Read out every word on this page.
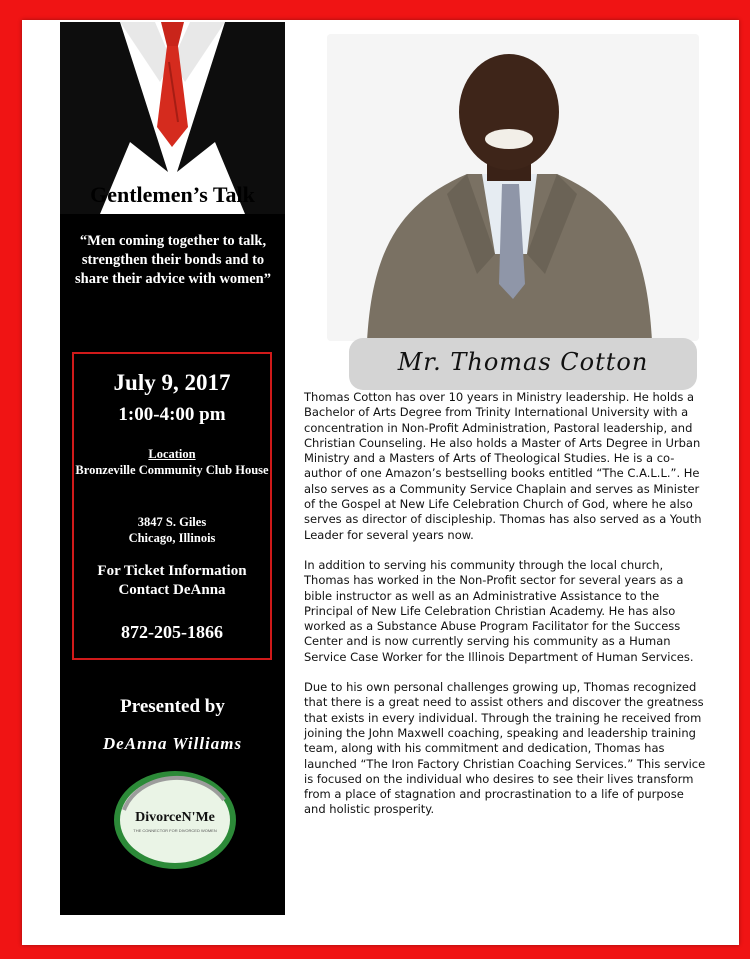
Gentlemen’s Talk
“Men coming together to talk, strengthen their bonds and to share their advice with women”
July 9, 2017
1:00-4:00 pm
Location
Bronzeville Community Club House
3847 S. Giles
Chicago, Illinois
For Ticket Information Contact DeAnna
872-205-1866
Presented by
DeAnna Williams
DivorceN'Me
THE CONNECTOR FOR DIVORCED WOMEN
Mr. Thomas Cotton

Thomas Cotton has over 10 years in Ministry leadership. He holds a Bachelor of Arts Degree from Trinity International University with a concentration in Non-Profit Administration, Pastoral leadership, and Christian Counseling. He also holds a Master of Arts Degree in Urban Ministry and a Masters of Arts of Theological Studies. He is a co-author of one Amazon’s bestselling books entitled “The C.A.L.L.”. He also serves as a Community Service Chaplain and serves as Minister of the Gospel at New Life Celebration Church of God, where he also serves as director of discipleship. Thomas has also served as a Youth Leader for several years now.

In addition to serving his community through the local church, Thomas has worked in the Non-Profit sector for several years as a bible instructor as well as an Administrative Assistance to the Principal of New Life Celebration Christian Academy. He has also worked as a Substance Abuse Program Facilitator for the Success Center and is now currently serving his community as a Human Service Case Worker for the Illinois Department of Human Services.

Due to his own personal challenges growing up, Thomas recognized that there is a great need to assist others and discover the greatness that exists in every individual. Through the training he received from joining the John Maxwell coaching, speaking and leadership training team, along with his commitment and dedication, Thomas has launched “The Iron Factory Christian Coaching Services.” This service is focused on the individual who desires to see their lives transform from a place of stagnation and procrastination to a life of purpose and holistic prosperity.
